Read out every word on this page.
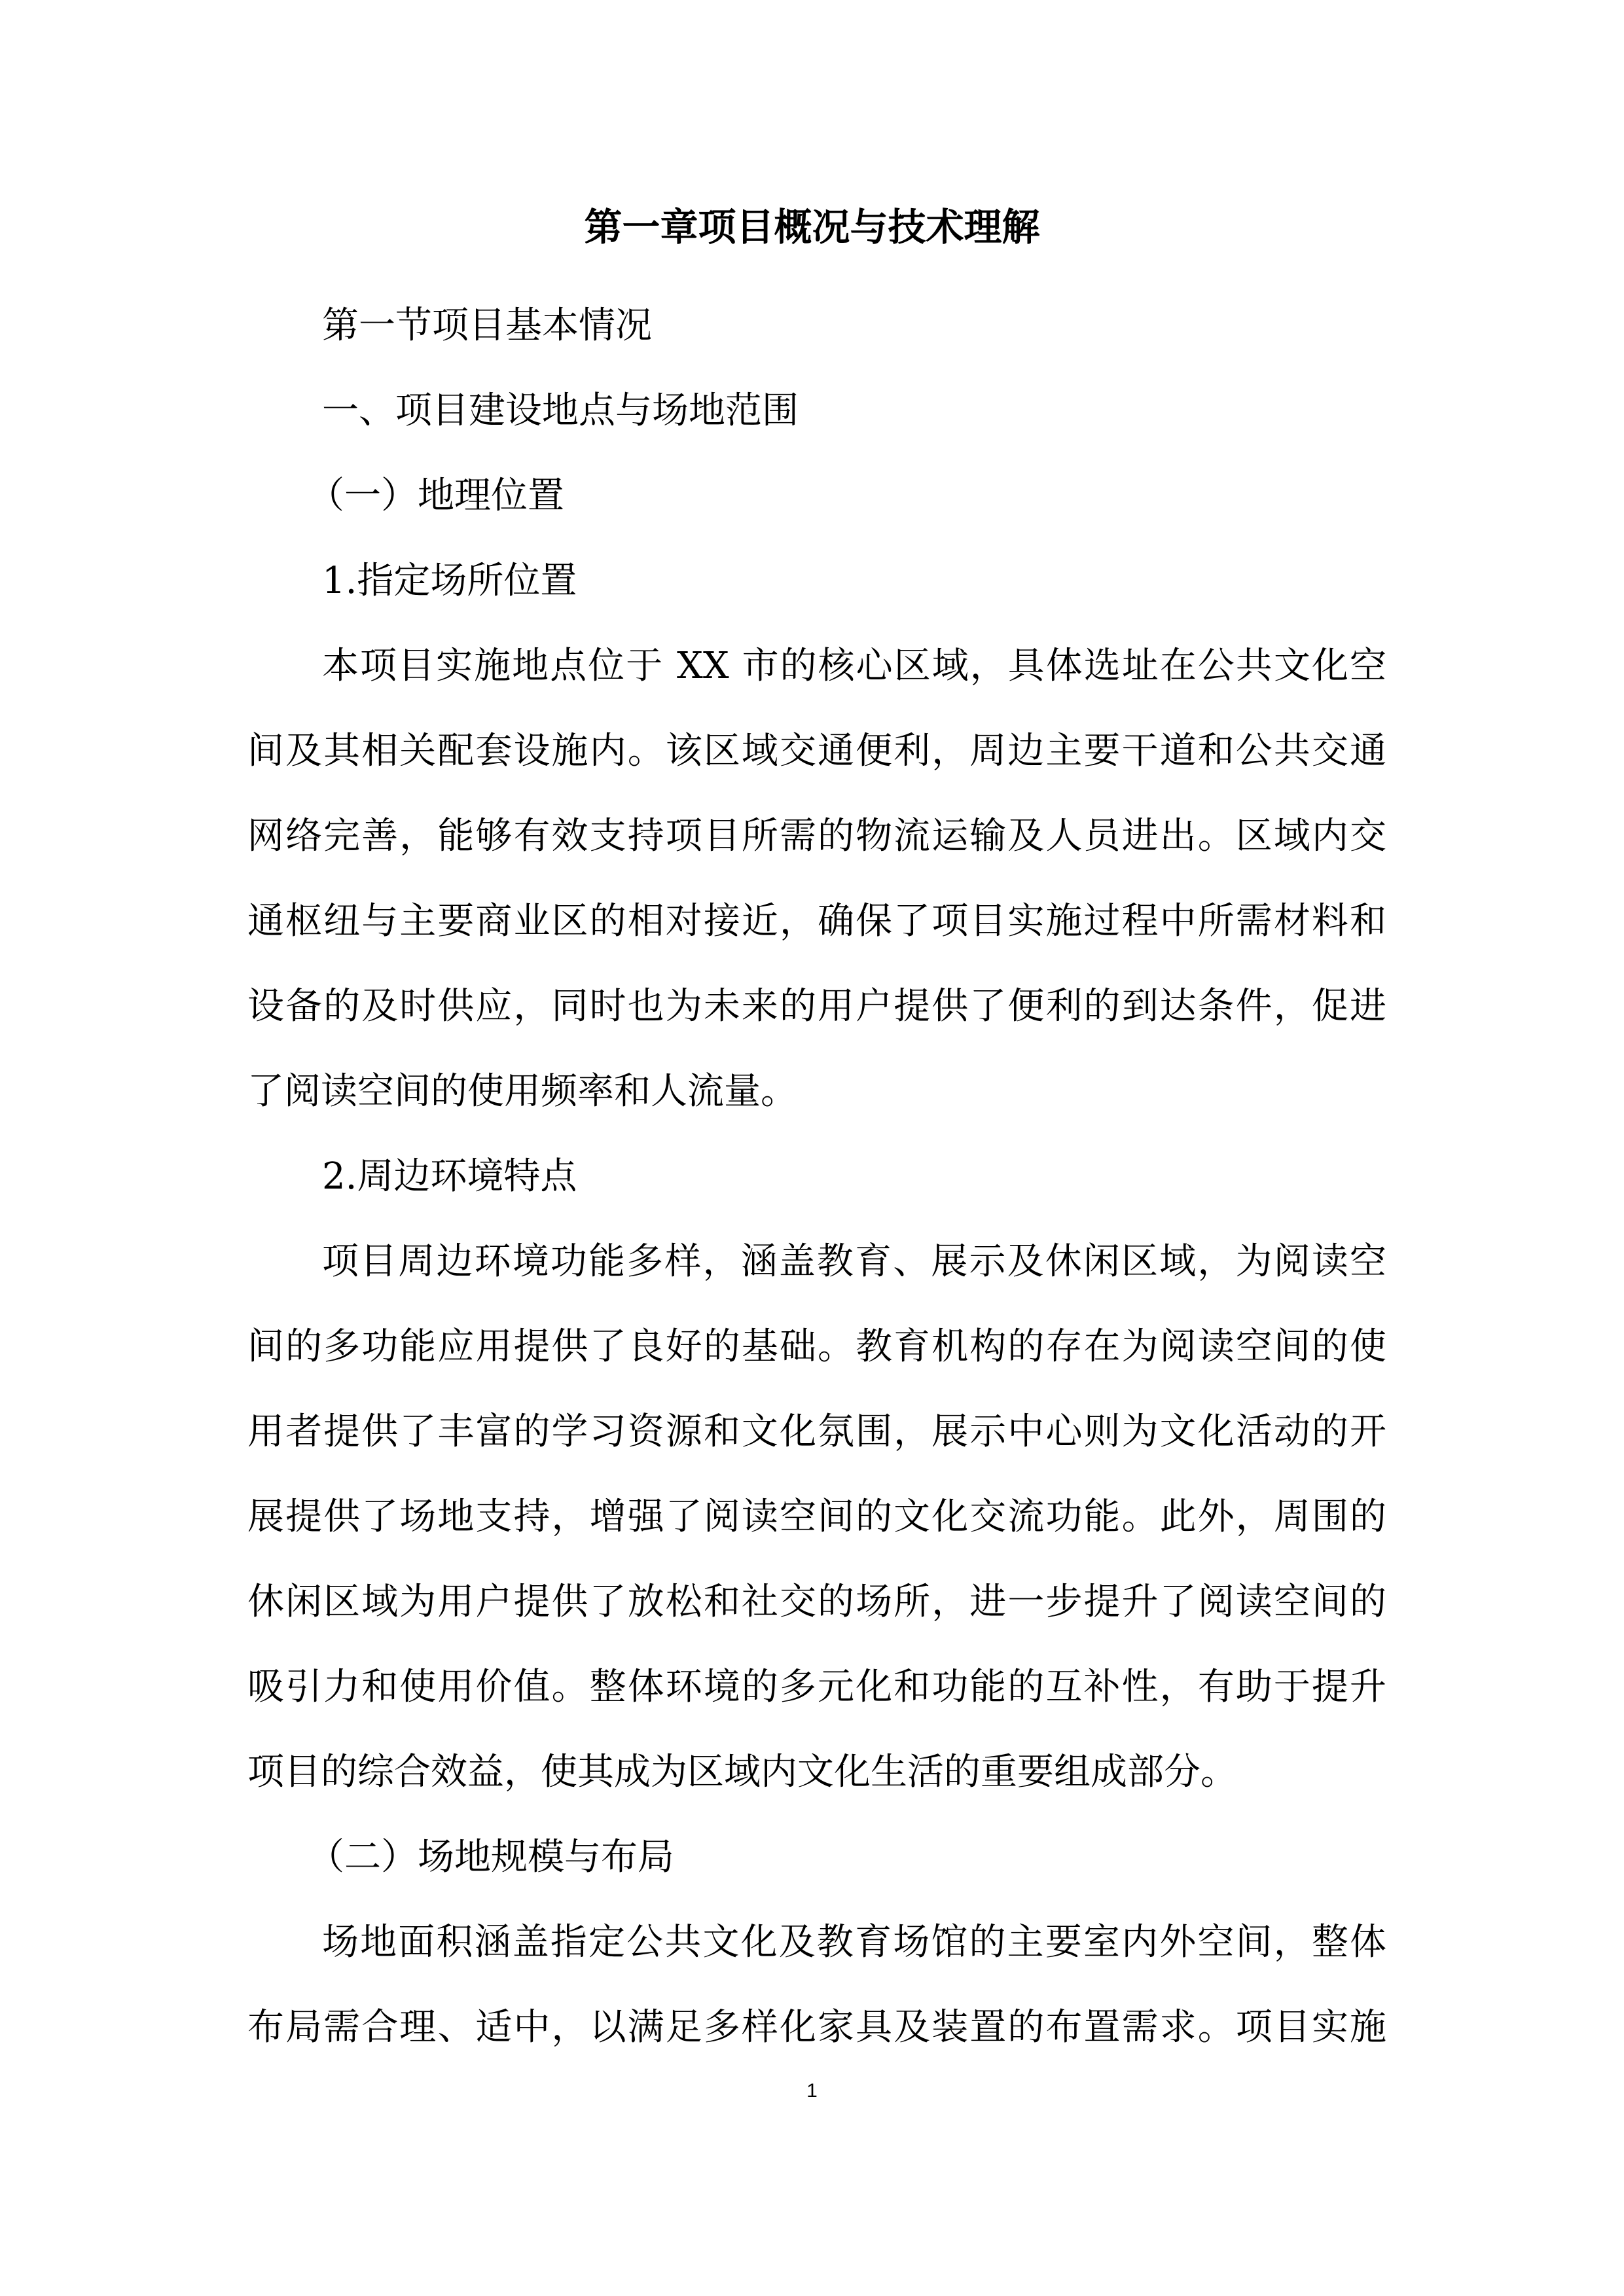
第一章项目概况与技术理解
第一节项目基本情况
一、项目建设地点与场地范围
（一）地理位置
1.指定场所位置
本项目实施地点位于 XX 市的核心区域，具体选址在公共文化空
间及其相关配套设施内。该区域交通便利，周边主要干道和公共交通
网络完善，能够有效支持项目所需的物流运输及人员进出。区域内交
通枢纽与主要商业区的相对接近，确保了项目实施过程中所需材料和
设备的及时供应，同时也为未来的用户提供了便利的到达条件，促进
了阅读空间的使用频率和人流量。
2.周边环境特点
项目周边环境功能多样，涵盖教育、展示及休闲区域，为阅读空
间的多功能应用提供了良好的基础。教育机构的存在为阅读空间的使
用者提供了丰富的学习资源和文化氛围，展示中心则为文化活动的开
展提供了场地支持，增强了阅读空间的文化交流功能。此外，周围的
休闲区域为用户提供了放松和社交的场所，进一步提升了阅读空间的
吸引力和使用价值。整体环境的多元化和功能的互补性，有助于提升
项目的综合效益，使其成为区域内文化生活的重要组成部分。
（二）场地规模与布局
场地面积涵盖指定公共文化及教育场馆的主要室内外空间，整体
布局需合理、适中，以满足多样化家具及装置的布置需求。项目实施
1
